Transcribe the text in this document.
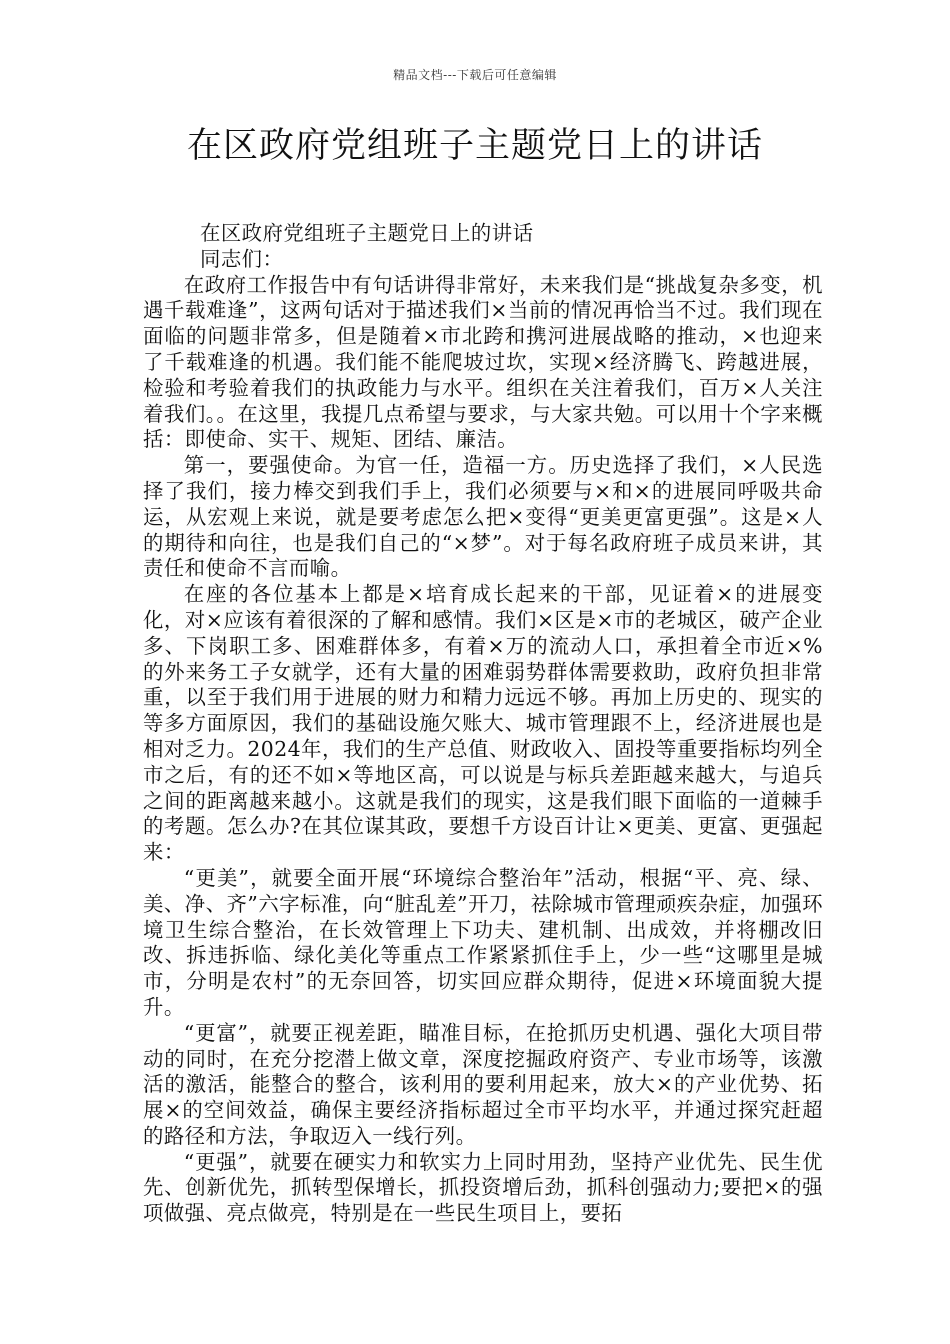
精品文档---下载后可任意编辑
在区政府党组班子主题党日上的讲话

在区政府党组班子主题党日上的讲话

同志们：

在政府工作报告中有句话讲得非常好，未来我们是“挑战复杂多变，机遇千载难逢”，这两句话对于描述我们×当前的情况再恰当不过。我们现在面临的问题非常多，但是随着×市北跨和携河进展战略的推动，×也迎来了千载难逢的机遇。我们能不能爬坡过坎，实现×经济腾飞、跨越进展，检验和考验着我们的执政能力与水平。组织在关注着我们，百万×人关注着我们。。在这里，我提几点希望与要求，与大家共勉。可以用十个字来概括：即使命、实干、规矩、团结、廉洁。

第一，要强使命。为官一任，造福一方。历史选择了我们，×人民选择了我们，接力棒交到我们手上，我们必须要与×和×的进展同呼吸共命运，从宏观上来说，就是要考虑怎么把×变得“更美更富更强”。这是×人的期待和向往，也是我们自己的“×梦”。对于每名政府班子成员来讲，其责任和使命不言而喻。

在座的各位基本上都是×培育成长起来的干部，见证着×的进展变化，对×应该有着很深的了解和感情。我们×区是×市的老城区，破产企业多、下岗职工多、困难群体多，有着×万的流动人口，承担着全市近×%的外来务工子女就学，还有大量的困难弱势群体需要救助，政府负担非常重，以至于我们用于进展的财力和精力远远不够。再加上历史的、现实的等多方面原因，我们的基础设施欠账大、城市管理跟不上，经济进展也是相对乏力。2024年，我们的生产总值、财政收入、固投等重要指标均列全市之后，有的还不如×等地区高，可以说是与标兵差距越来越大，与追兵之间的距离越来越小。这就是我们的现实，这是我们眼下面临的一道棘手的考题。怎么办?在其位谋其政，要想千方设百计让×更美、更富、更强起来：

“更美”，就要全面开展“环境综合整治年”活动，根据“平、亮、绿、美、净、齐”六字标准，向“脏乱差”开刀，祛除城市管理顽疾杂症，加强环境卫生综合整治，在长效管理上下功夫、建机制、出成效，并将棚改旧改、拆违拆临、绿化美化等重点工作紧紧抓住手上，少一些“这哪里是城市，分明是农村”的无奈回答，切实回应群众期待，促进×环境面貌大提升。

“更富”，就要正视差距，瞄准目标，在抢抓历史机遇、强化大项目带动的同时，在充分挖潜上做文章，深度挖掘政府资产、专业市场等，该激活的激活，能整合的整合，该利用的要利用起来，放大×的产业优势、拓展×的空间效益，确保主要经济指标超过全市平均水平，并通过探究赶超的路径和方法，争取迈入一线行列。

“更强”，就要在硬实力和软实力上同时用劲，坚持产业优先、民生优先、创新优先，抓转型保增长，抓投资增后劲，抓科创强动力;要把×的强项做强、亮点做亮，特别是在一些民生项目上，要拓
